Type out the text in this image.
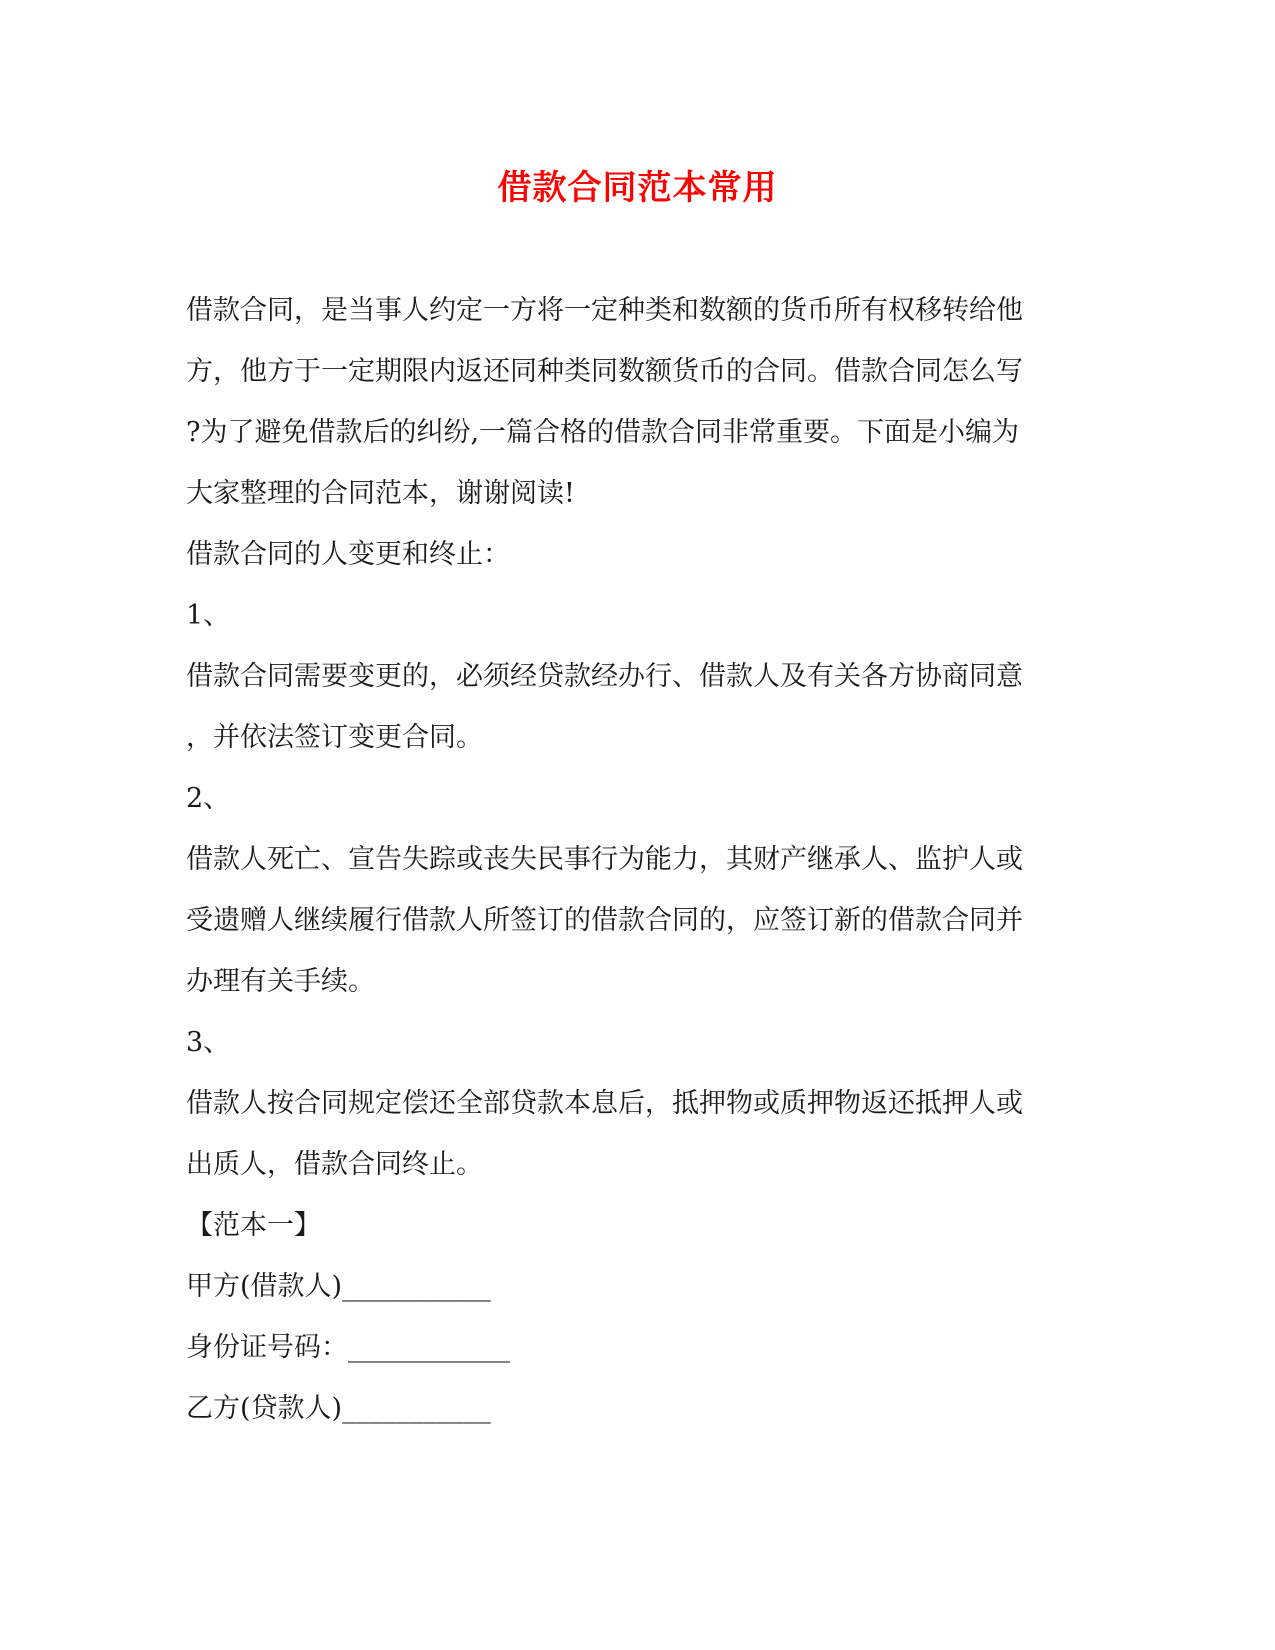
借款合同范本常用
借款合同，是当事人约定一方将一定种类和数额的货币所有权移转给他
方，他方于一定期限内返还同种类同数额货币的合同。借款合同怎么写
?为了避免借款后的纠纷,一篇合格的借款合同非常重要。下面是小编为
大家整理的合同范本，谢谢阅读!
借款合同的人变更和终止：
1、
借款合同需要变更的，必须经贷款经办行、借款人及有关各方协商同意
，并依法签订变更合同。
2、
借款人死亡、宣告失踪或丧失民事行为能力，其财产继承人、监护人或
受遗赠人继续履行借款人所签订的借款合同的，应签订新的借款合同并
办理有关手续。
3、
借款人按合同规定偿还全部贷款本息后，抵押物或质押物返还抵押人或
出质人，借款合同终止。
【范本一】
甲方(借款人)___________
身份证号码：____________
乙方(贷款人)___________
